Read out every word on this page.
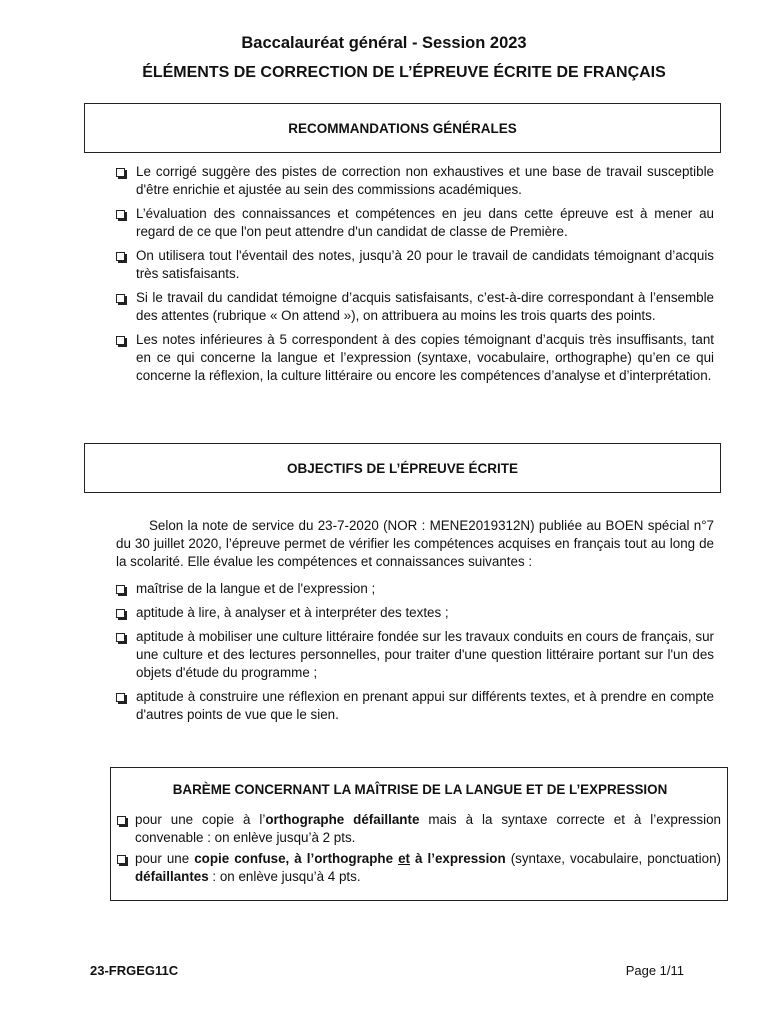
Baccalauréat général - Session 2023
ÉLÉMENTS DE CORRECTION DE L’ÉPREUVE ÉCRITE DE FRANÇAIS
RECOMMANDATIONS GÉNÉRALES
Le corrigé suggère des pistes de correction non exhaustives et une base de travail susceptible d'être enrichie et ajustée au sein des commissions académiques.
L’évaluation des connaissances et compétences en jeu dans cette épreuve est à mener au regard de ce que l'on peut attendre d'un candidat de classe de Première.
On utilisera tout l'éventail des notes, jusqu’à 20 pour le travail de candidats témoignant d’acquis très satisfaisants.
Si le travail du candidat témoigne d’acquis satisfaisants, c’est-à-dire correspondant à l’ensemble des attentes (rubrique « On attend »), on attribuera au moins les trois quarts des points.
Les notes inférieures à 5 correspondent à des copies témoignant d’acquis très insuffisants, tant en ce qui concerne la langue et l’expression (syntaxe, vocabulaire, orthographe) qu’en ce qui concerne la réflexion, la culture littéraire ou encore les compétences d’analyse et d’interprétation.
OBJECTIFS DE L’ÉPREUVE ÉCRITE

Selon la note de service du 23-7-2020 (NOR : MENE2019312N) publiée au BOEN spécial n°7 du 30 juillet 2020, l’épreuve permet de vérifier les compétences acquises en français tout au long de la scolarité. Elle évalue les compétences et connaissances suivantes :

maîtrise de la langue et de l'expression ;
aptitude à lire, à analyser et à interpréter des textes ;
aptitude à mobiliser une culture littéraire fondée sur les travaux conduits en cours de français, sur une culture et des lectures personnelles, pour traiter d'une question littéraire portant sur l'un des objets d'étude du programme ;
aptitude à construire une réflexion en prenant appui sur différents textes, et à prendre en compte d'autres points de vue que le sien.
BARÈME CONCERNANT LA MAÎTRISE DE LA LANGUE ET DE L’EXPRESSION
pour une copie à l’orthographe défaillante mais à la syntaxe correcte et à l’expression convenable : on enlève jusqu’à 2 pts.
pour une copie confuse, à l’orthographe et à l’expression (syntaxe, vocabulaire, ponctuation) défaillantes : on enlève jusqu’à 4 pts.
23-FRGEG11C	Page 1/11
